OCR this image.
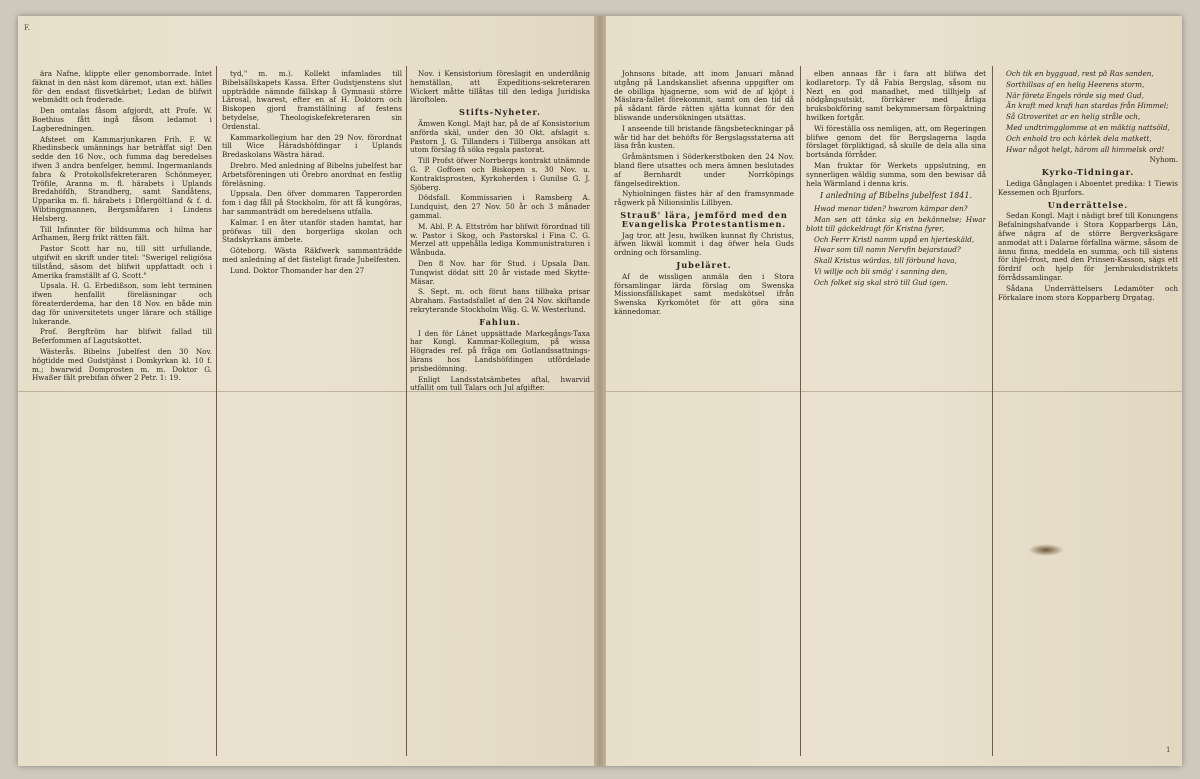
ära Nafne, klippte eller genomborrade. Intet fäknat in den näst kom däremot, utan ext. hälles för den endast flisvetkärbet; Ledan de blifwit webmädtt och froderade.

Den omtalas fåsom afgjordt, att Profe. W. Boethius fått ingå fåsom ledamot i Lagberedningen.

Afsteet om Kammarjunkaren Frih. F. W. Rhedinsbeck umännings har beträffat sig! Den sedde den 16 Nov., och fumma dag beredelses ifwen 3 andra benfelger, hemml. Ingermanlands fabra & Protokollsfekreteraren Schönmeyer, Tröfile, Aranna m. fl. härabets i Uplands Bredahöfdh, Strandberg, samt Sandåtens, Upparika m. fl. härabets i Dflergöltland & f. d. Wibtinggmannen, Bergsmåfaren i Lindens Helsberg.

Till Infinnter för bildsumma och hilma har Arfhamen, Berg frikt rätten fält.

Pastor Scott har nu, till sitt urfullande, utgifwit en skrift under titel: "Swerigel religiösa tillstånd, säsom det blifwit uppfattadt och i Amerika framställt af G. Scott."

Upsala. H. G. Erbedißson, som leht terminen ifwen henfallit föreläsningar och föreaterderdema, har den 18 Nov. en både min dag för universitetets unger lärare och ställige lukerande.

Prof. Bergftröm har blifwit fallad till Beferfommen af Lagutskottet.

Wästerås. Bibelns Jubelfest den 30 Nov. högtidde med Gudstjänst i Domkyrkan kl. 10 f. m.; hwarwid Domprosten m. m. Doktor G. Hwaßer fält prebifan öfwer 2 Petr. 1: 19.

tyd," m. m.). Kollekt infamlades till Bibelsällskapets Kassa. Efter Gudstjenstens slut uppträdde nämnde fällskap å Gymnasii större Lärosal, hwarest, efter en af H. Doktorn och Biskopen gjord framställning af festens betydelse, Theologiskefekreteraren sin Ordenstal.

Kammarkollegium har den 29 Nov. förordnat till Wice Häradshöfdingar i Uplands Bredaskolans Wästra härad.

Drebro. Med anledning af Bibelns jubelfest har Arbetsföreningen uti Örebro anordnat en festlig föreläsning.

Uppsala. Den öfver dommaren Tapperorden fom i dag fåll på Stockholm, för att få kungöras, har sammanträdt om beredelsens utfalla.

Kalmar. I en åter utanför staden hamtat, har pröfwas till den borgerliga skolan och Stadskyrkans ämbete.

Göteborg. Wästa Räkfwerk sammanträdde med anledning af det fästeligt firade Jubelfesten.

Lund. Doktor Thomander har den 27

Nov. i Kensistorium föreslagit en underdånig hemställan, att Expeditions-sekreteraren Wickert måtte tillåtas till den lediga Juridiska läroftolen.

Stifts-Nyheter.

Ämwen Kongl. Majt har, på de af Konsistorium anförda skäl, under den 30 Okt. afslagit s. Pastorn J. G. Tillanders i Tillberga ansökan att utom förslag få söka regala pastorat.

Till Profst öfwer Norrbergs kontrakt utnämnde G. P. Goffoen och Biskopen s. 30 Nov. u. Kontraktsprosten, Kyrkoherden i Gunilse G. J. Sjöberg.

Dödsfall. Kommissarien i Ramsberg A. Lundquist, den 27 Nov. 50 år och 3 månader gammal.

M. Abl. P. A. Ettström har blifwit förordnad till w. Pastor i Skog, och Pastorskal i Fina C. G. Merzel att uppehålla lediga Kommunistraturen i Wånbuda.

Den 8 Nov. har för Stud. i Upsala Dan. Tunqwist dödat sitt 20 år vistade med Skytte-Mäsar.

S. Sept. m. och förut hans tillbaka prisar Abraham. Fastadsfallet af den 24 Nov. skiftande rekryterande Stockholm Wäg. G. W. Westerlund.

Fahlun.

I den för Länet uppsättade Markegångs-Taxa har Kongl. Kammar-Kollegium, på wissa Högrades ref. på fråga om Gotlandssattnings-lärans hos Landshöfdingen utfördelade prisbedömning.

Enligt Landsstatsämbetes aftal, hwarvid utfallit om tull Talars och Jul afgifter.

F.

Johnsons bitade, att inom Januari månad utgång på Landskansliet afsenna uppgifter om de obilliga hjagnerne, som wid de af kjöpt i Mäslara-fallet förekommit, samt om den tid då på sådant färde rätten sjätta kunnat för den bliswande undersökningen utsättas.

I anseende till bristande fängsbeteckningar på wår tid har det behöfts för Bergslagsstaterna att läsa från kusten.

Gråmäntsmen i Söderkerstboken den 24 Nov. bland flere utsattes och mera ämnen beslutades af Bernhardt under Norrköpings fängelsedirektion.

Nyhiolningen fästes här af den framsynmade rågwerk på Nilionsinlis Lillbyen.

Strauß' lära, jemförd med den Evangeliska Protestantismen.

Jag tror, att Jesu, hwilken kunnat fly Christus, äfwen likwäl kommit i dag öfwer hela Guds ordning och församling.

Jubeläret.

Af de wissligen anmäla den i Stora församlingar lärda förslag om Swenska Missionsfällskapet samt medskötsel ifrån Swenska Kyrkomötet för att göra sina kännedomar.

elben annaas får i fara att blifwa det kodlaretorp. Ty då Fabia Bergslag, såsom nu Nezt en god manadhet, med tillhjelp af nödgångsutsikt, förrkärer med årliga bruksbokföring samt bekymmersam förpaktning hwilken fortgår.

Wi föreställa oss nemligen, att, om Regeringen blifwe genom det för Bergslagerna lagda förslaget förpliktigad, så skulle de dela alla sina bortsända förråder.

Man fruktar för Werkets uppslutning, en synnerligen wäldig summa, som den bewisar då hela Wärmland i denna kris.

I anledning af Bibelns jubelfest 1841.

Hwad menar tiden? hwarom kämpar den?

Man sen att tänka sig en bekännelse; Hwar blott till gäckeldragt för Kristna fyrer,

Och Ferrr Kristl namm uppå en hjerteskäld,

Hwar som till namn Nervfin bejarstaud?

Skall Kristus würdas, till förbund hava,

Vi willje och bli smög' i sanning den,

Och folket sig skal strö till Gud igen.

Och tik en bygguad, rest på Ras sanden,

Sorthillsas af en helig Heerens storm,

När företa Engels rörde sig med Gud,

Än kraft med krafi han stardas från Himmel;

Så Gtroveritet ar en helig stråle och,

Med undtrimgglomme at en mäktig nattsöld,

Och enhold tro och kärlek dela matkett,

Hwar något helgt, härom all himmelsk ord!

Nyhom.

Kyrko-Tidningar.

Lediga Gånglagen i Aboentet predika: 1 Tiewis Kessemen och Bjurfors.

Underrättelse.

Sedan Kongl. Majt i nädigt bref till Konungens Befalningshafvande i Stora Kopparbergs Län, äfwe nägra af de större Bergverksägare anmodat att i Dalarne förfallna wärme, såsom de ännu finna, meddela en summa, och till sistens för ihjel-frost, med den Prinsen-Kasson, sägs ett fördrif och hjelp för Jernbruksdistriktets förrådssamlingar.

Sådana Underrättelsers Ledamöter och Förkalare inom stora Kopparberg Drgatag.

1
